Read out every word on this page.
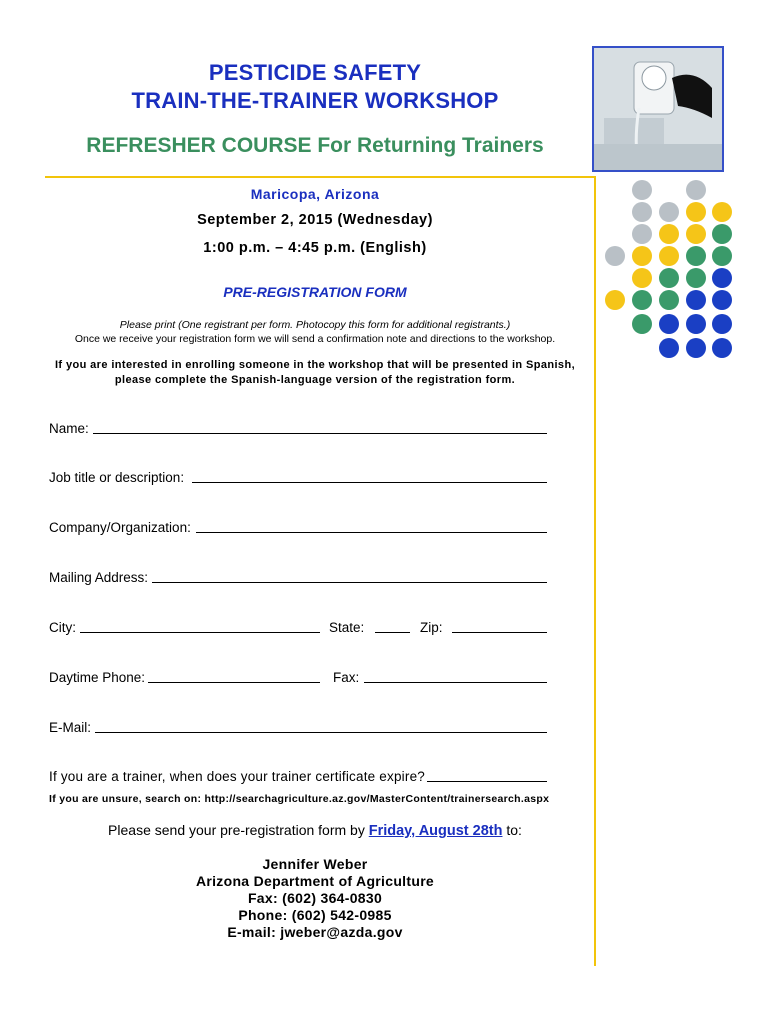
PESTICIDE SAFETY
TRAIN-THE-TRAINER WORKSHOP
REFRESHER COURSE For Returning Trainers
Maricopa, Arizona
September 2, 2015 (Wednesday)
1:00 p.m. – 4:45 p.m. (English)
PRE-REGISTRATION FORM
Please print (One registrant per form. Photocopy this form for additional registrants.)
Once we receive your registration form we will send a confirmation note and directions to the workshop.
If you are interested in enrolling someone in the workshop that will be presented in Spanish,
please complete the Spanish-language version of the registration form.
Name:
Job title or description:
Company/Organization:
Mailing Address:
City:	State:	Zip:
Daytime Phone:	Fax:
E-Mail:
If you are a trainer, when does your trainer certificate expire?
If you are unsure, search on: http://searchagriculture.az.gov/MasterContent/trainersearch.aspx
Please send your pre-registration form by Friday, August 28th to:
Jennifer Weber
Arizona Department of Agriculture
Fax: (602) 364-0830
Phone: (602) 542-0985
E-mail: jweber@azda.gov
